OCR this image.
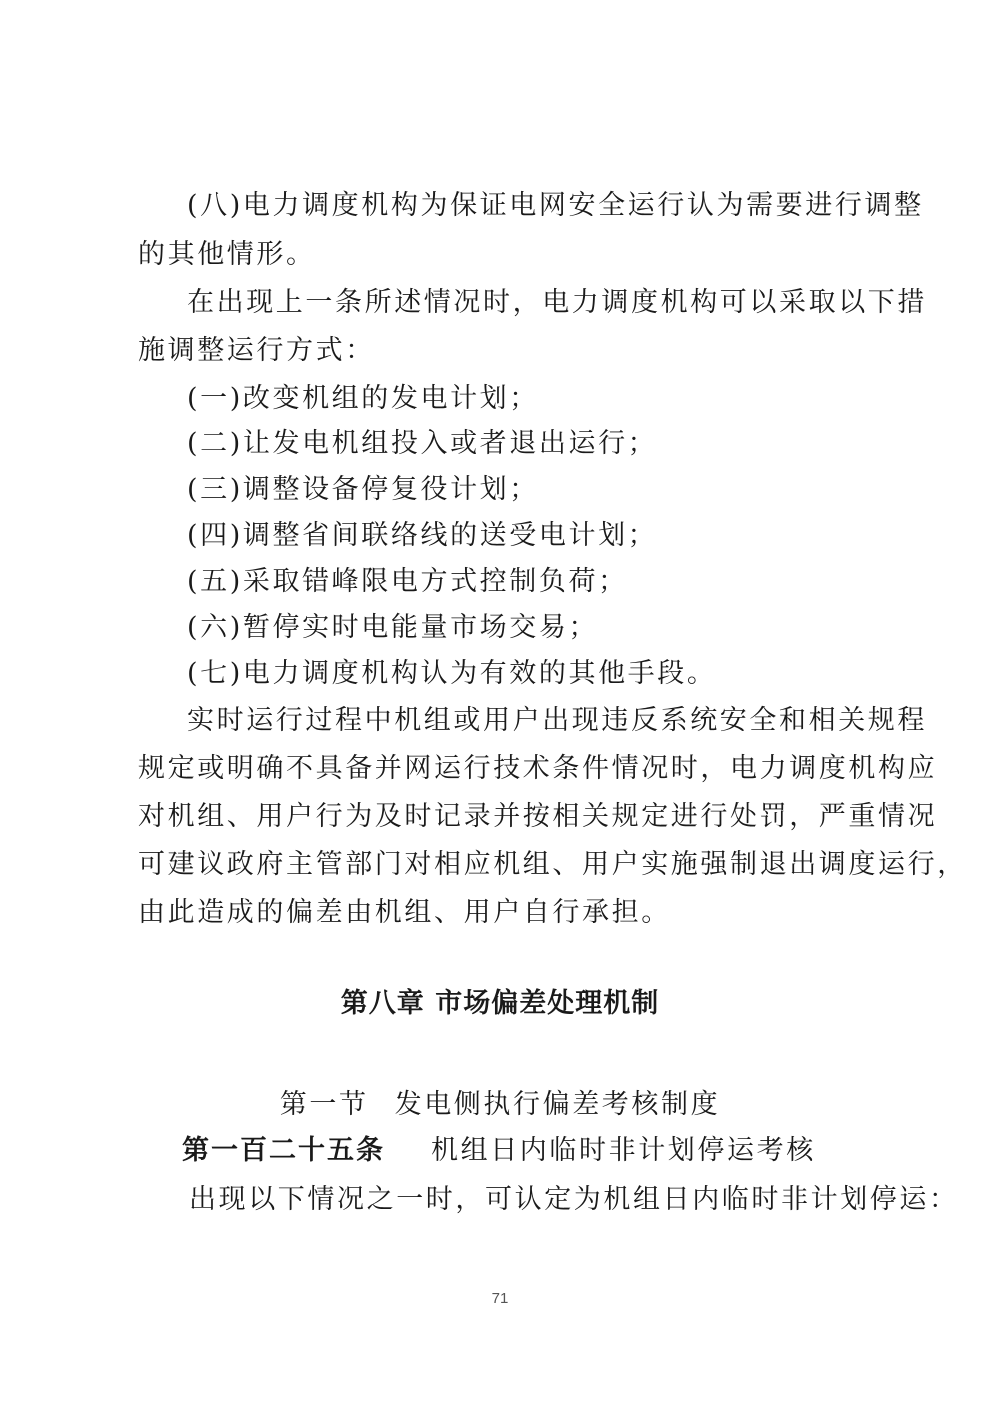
(八)电力调度机构为保证电网安全运行认为需要进行调整
的其他情形。
在出现上一条所述情况时，电力调度机构可以采取以下措
施调整运行方式：
(一)改变机组的发电计划；
(二)让发电机组投入或者退出运行；
(三)调整设备停复役计划；
(四)调整省间联络线的送受电计划；
(五)采取错峰限电方式控制负荷；
(六)暂停实时电能量市场交易；
(七)电力调度机构认为有效的其他手段。
实时运行过程中机组或用户出现违反系统安全和相关规程
规定或明确不具备并网运行技术条件情况时，电力调度机构应
对机组、用户行为及时记录并按相关规定进行处罚，严重情况
可建议政府主管部门对相应机组、用户实施强制退出调度运行，
由此造成的偏差由机组、用户自行承担。
第八章 市场偏差处理机制
第一节 发电侧执行偏差考核制度
第一百二十五条 机组日内临时非计划停运考核
出现以下情况之一时，可认定为机组日内临时非计划停运：
71
